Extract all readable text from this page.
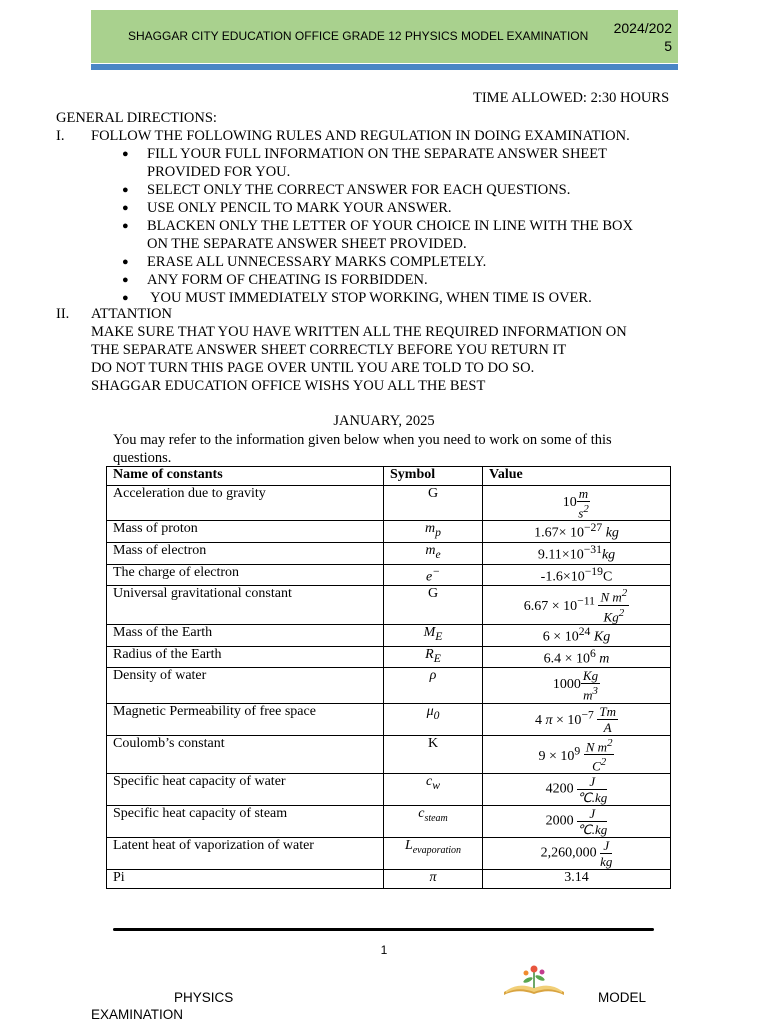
SHAGGAR CITY EDUCATION OFFICE GRADE 12 PHYSICS MODEL EXAMINATION	2024/202
5
TIME ALLOWED: 2:30 HOURS
GENERAL DIRECTIONS:
I. FOLLOW THE FOLLOWING RULES AND REGULATION IN DOING EXAMINATION.
● FILL YOUR FULL INFORMATION ON THE SEPARATE ANSWER SHEET
PROVIDED FOR YOU.
● SELECT ONLY THE CORRECT ANSWER FOR EACH QUESTIONS.
● USE ONLY PENCIL TO MARK YOUR ANSWER.
● BLACKEN ONLY THE LETTER OF YOUR CHOICE IN LINE WITH THE BOX
ON THE SEPARATE ANSWER SHEET PROVIDED.
● ERASE ALL UNNECESSARY MARKS COMPLETELY.
● ANY FORM OF CHEATING IS FORBIDDEN.
● YOU MUST IMMEDIATELY STOP WORKING, WHEN TIME IS OVER.
II. ATTANTION
MAKE SURE THAT YOU HAVE WRITTEN ALL THE REQUIRED INFORMATION ON
THE SEPARATE ANSWER SHEET CORRECTLY BEFORE YOU RETURN IT
DO NOT TURN THIS PAGE OVER UNTIL YOU ARE TOLD TO DO SO.
SHAGGAR EDUCATION OFFICE WISHS YOU ALL THE BEST
JANUARY, 2025
You may refer to the information given below when you need to work on some of this
questions.
Name of constants	Symbol	Value
Acceleration due to gravity	G	$10 \frac{m}{s^2}$

Mass of proton	$m_p$	$1.67\times 10^{-27}$ kg
Mass of electron	$m_e$	$9.11\times 10^{-31}kg$
The charge of electron	e−	$-1.6\times 10^{-19}C$
Universal gravitational constant	G	$6.67 \times 10^{-11} \frac{N m^2}{Kg^2}$

Mass of the Earth	$M_E$	$6 \times 10^{24}$ Kg
Radius of the Earth	$R_E$	$6.4 \times 10^6$ m
Density of water	ρ	$1000 \frac{Kg}{m^3}$

Magnetic Permeability of free space	$\mu_0$	4 $\pi \times 10^{-7} \frac{Tm}{A}$

Coulomb’s constant	K	$9 \times 10^9 \frac{N m^2}{C^2}$

Specific heat capacity of water	$c_w$	$4200 \frac{J}{℃.kg}$

Specific heat capacity of steam	$c_{steam}$	$2000 \frac{J}{℃.kg}$

Latent heat of vaporization of water	$L_{evaporation}$	$2,260,000 \frac{J}{kg}$

Pi	π	3.14
1
PHYSICS	MODEL
EXAMINATION
